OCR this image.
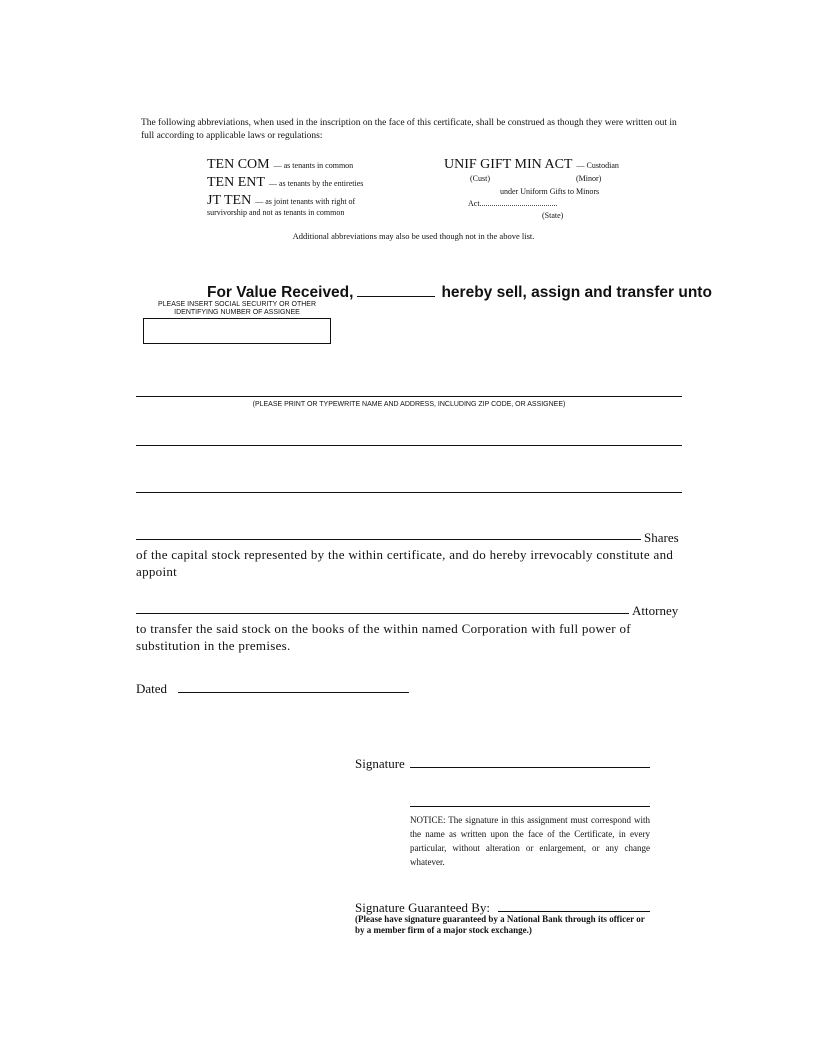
The following abbreviations, when used in the inscription on the face of this certificate, shall be construed as though they were written out in full according to applicable laws or regulations:
TEN COM — as tenants in common
TEN ENT — as tenants by the entireties
JT TEN — as joint tenants with right of
survivorship and not as tenants in common
UNIF GIFT MIN ACT — Custodian
(Cust)	(Minor)
under Uniform Gifts to Minors
Act.......................................
(State)
Additional abbreviations may also be used though not in the above list.
For Value Received,	hereby sell, assign and transfer unto
PLEASE INSERT SOCIAL SECURITY OR OTHER IDENTIFYING NUMBER OF ASSIGNEE
(PLEASE PRINT OR TYPEWRITE NAME AND ADDRESS, INCLUDING ZIP CODE, OR ASSIGNEE)
Shares
of the capital stock represented by the within certificate, and do hereby irrevocably constitute and appoint
Attorney
to transfer the said stock on the books of the within named Corporation with full power of substitution in the premises.
Dated
Signature
NOTICE: The signature in this assignment must correspond with the name as written upon the face of the Certificate, in every particular, without alteration or enlargement, or any change whatever.
Signature Guaranteed By:
(Please have signature guaranteed by a National Bank through its officer or by a member firm of a major stock exchange.)
